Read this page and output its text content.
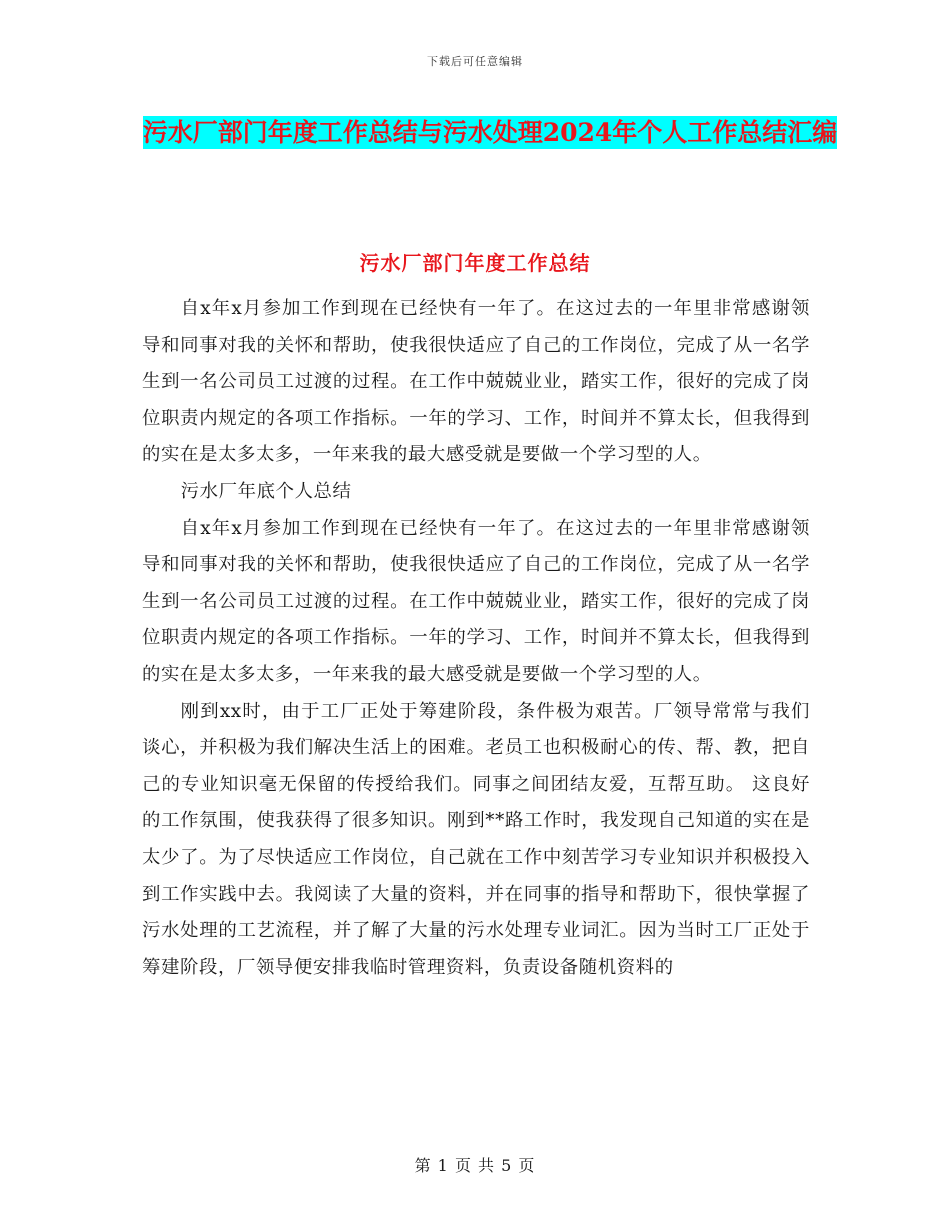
下载后可任意编辑
污水厂部门年度工作总结与污水处理2024年个人工作总结汇编
污水厂部门年度工作总结

自x年x月参加工作到现在已经快有一年了。在这过去的一年里非常感谢领导和同事对我的关怀和帮助，使我很快适应了自己的工作岗位，完成了从一名学生到一名公司员工过渡的过程。在工作中兢兢业业，踏实工作，很好的完成了岗位职责内规定的各项工作指标。一年的学习、工作，时间并不算太长，但我得到的实在是太多太多，一年来我的最大感受就是要做一个学习型的人。

污水厂年底个人总结

自x年x月参加工作到现在已经快有一年了。在这过去的一年里非常感谢领导和同事对我的关怀和帮助，使我很快适应了自己的工作岗位，完成了从一名学生到一名公司员工过渡的过程。在工作中兢兢业业，踏实工作，很好的完成了岗位职责内规定的各项工作指标。一年的学习、工作，时间并不算太长，但我得到的实在是太多太多，一年来我的最大感受就是要做一个学习型的人。

刚到xx时，由于工厂正处于筹建阶段，条件极为艰苦。厂领导常常与我们谈心，并积极为我们解决生活上的困难。老员工也积极耐心的传、帮、教，把自己的专业知识毫无保留的传授给我们。同事之间团结友爱，互帮互助。 这良好的工作氛围，使我获得了很多知识。刚到**路工作时，我发现自己知道的实在是太少了。为了尽快适应工作岗位，自己就在工作中刻苦学习专业知识并积极投入到工作实践中去。我阅读了大量的资料，并在同事的指导和帮助下，很快掌握了污水处理的工艺流程，并了解了大量的污水处理专业词汇。因为当时工厂正处于筹建阶段，厂领导便安排我临时管理资料，负责设备随机资料的

第 1 页 共 5 页
